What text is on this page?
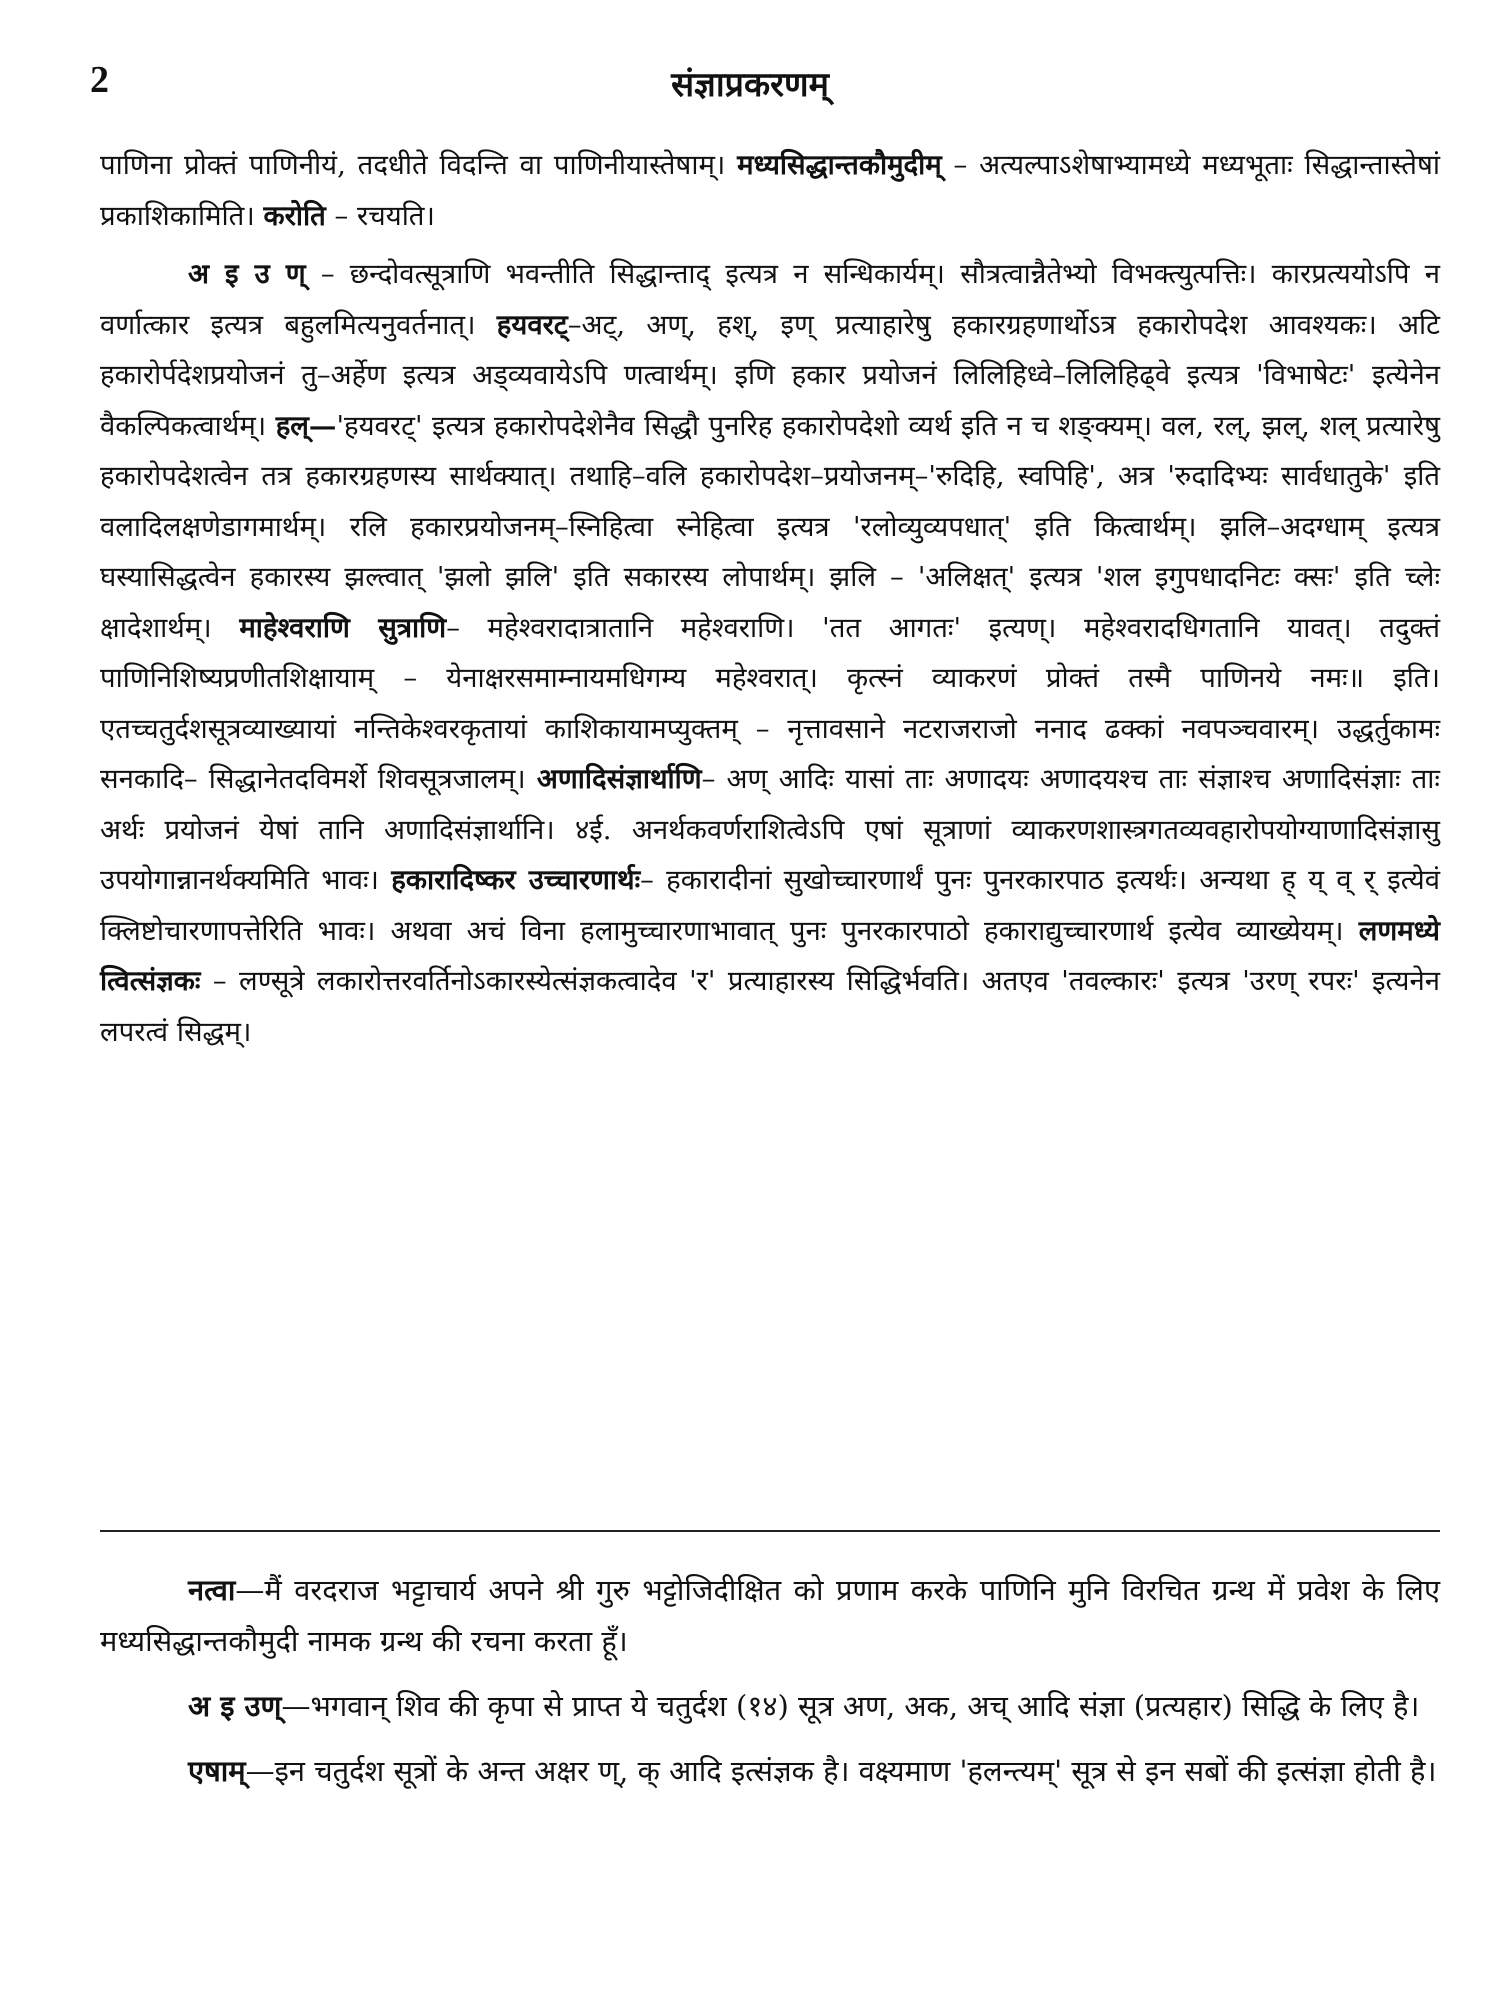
2	संज्ञाप्रकरणम्

पाणिना प्रोक्तं पाणिनीयं, तदधीते विदन्ति वा पाणिनीयास्तेषाम्। मध्यसिद्धान्तकौमुदीम् – अत्यल्पाऽशेषाभ्यामध्ये मध्यभूताः सिद्धान्तास्तेषां प्रकाशिकामिति। करोति – रचयति।

अ इ उ ण् – छन्दोवत्सूत्राणि भवन्तीति सिद्धान्ताद् इत्यत्र न सन्धिकार्यम्। सौत्रत्वान्नैतेभ्यो विभक्त्युत्पत्तिः। कारप्रत्ययोऽपि न वर्णात्कार इत्यत्र बहुलमित्यनुवर्तनात्। हयवरट्–अट्, अण्, हश्, इण् प्रत्याहारेषु हकारग्रहणार्थोऽत्र हकारोपदेश आवश्यकः। अटि हकारोर्पदेशप्रयोजनं तु–अर्हेण इत्यत्र अड्व्यवायेऽपि णत्वार्थम्। इणि हकार प्रयोजनं लिलिहिध्वे–लिलिहिढ्वे इत्यत्र 'विभाषेटः' इत्येनेन वैकल्पिकत्वार्थम्। हल्—'हयवरट्' इत्यत्र हकारोपदेशेनैव सिद्धौ पुनरिह हकारोपदेशो व्यर्थ इति न च शङ्क्यम्। वल, रल्, झल्, शल् प्रत्यारेषु हकारोपदेशत्वेन तत्र हकारग्रहणस्य सार्थक्यात्। तथाहि–वलि हकारोपदेश–प्रयोजनम्–'रुदिहि, स्वपिहि', अत्र 'रुदादिभ्यः सार्वधातुके' इति वलादिलक्षणेडागमार्थम्। रलि हकारप्रयोजनम्–स्निहित्वा स्नेहित्वा इत्यत्र 'रलोव्युव्यपधात्' इति कित्वार्थम्। झलि–अदग्धाम् इत्यत्र घस्यासिद्धत्वेन हकारस्य झल्त्वात् 'झलो झलि' इति सकारस्य लोपार्थम्। झलि – 'अलिक्षत्' इत्यत्र 'शल इगुपधादनिटः क्सः' इति च्लेः क्षादेशार्थम्। माहेश्वराणि सुत्राणि– महेश्वरादात्रातानि महेश्वराणि। 'तत आगतः' इत्यण्। महेश्वरादधिगतानि यावत्। तदुक्तं पाणिनिशिष्यप्रणीतशिक्षायाम् – येनाक्षरसमाम्नायमधिगम्य महेश्वरात्। कृत्स्नं व्याकरणं प्रोक्तं तस्मै पाणिनये नमः॥ इति। एतच्चतुर्दशसूत्रव्याख्यायां नन्तिकेश्वरकृतायां काशिकायामप्युक्तम् – नृत्तावसाने नटराजराजो ननाद ढक्कां नवपञ्चवारम्। उद्धर्तुकामः सनकादि– सिद्धानेतदविमर्शे शिवसूत्रजालम्। अणादिसंज्ञार्थाणि– अण् आदिः यासां ताः अणादयः अणादयश्च ताः संज्ञाश्च अणादिसंज्ञाः ताः अर्थः प्रयोजनं येषां तानि अणादिसंज्ञार्थानि। ४ई. अनर्थकवर्णराशित्वेऽपि एषां सूत्राणां व्याकरणशास्त्रगतव्यवहारोपयोग्याणादिसंज्ञासु उपयोगान्नानर्थक्यमिति भावः। हकारादिष्कर उच्चारणार्थः– हकारादीनां सुखोच्चारणार्थं पुनः पुनरकारपाठ इत्यर्थः। अन्यथा ह् य् व् र् इत्येवं क्लिष्टोचारणापत्तेरिति भावः। अथवा अचं विना हलामुच्चारणाभावात् पुनः पुनरकारपाठो हकाराद्युच्चारणार्थ इत्येव व्याख्येयम्। लणमध्ये त्वित्संज्ञकः – लण्सूत्रे लकारोत्तरवर्तिनोऽकारस्येत्संज्ञकत्वादेव 'र' प्रत्याहारस्य सिद्धिर्भवति। अतएव 'तवल्कारः' इत्यत्र 'उरण् रपरः' इत्यनेन लपरत्वं सिद्धम्।

नत्वा—मैं वरदराज भट्टाचार्य अपने श्री गुरु भट्टोजिदीक्षित को प्रणाम करके पाणिनि मुनि विरचित ग्रन्थ में प्रवेश के लिए मध्यसिद्धान्तकौमुदी नामक ग्रन्थ की रचना करता हूँ।

अ इ उण्—भगवान् शिव की कृपा से प्राप्त ये चतुर्दश (१४) सूत्र अण, अक, अच् आदि संज्ञा (प्रत्यहार) सिद्धि के लिए है।

एषाम्—इन चतुर्दश सूत्रों के अन्त अक्षर ण्, क् आदि इत्संज्ञक है। वक्ष्यमाण 'हलन्त्यम्' सूत्र से इन सबों की इत्संज्ञा होती है।
